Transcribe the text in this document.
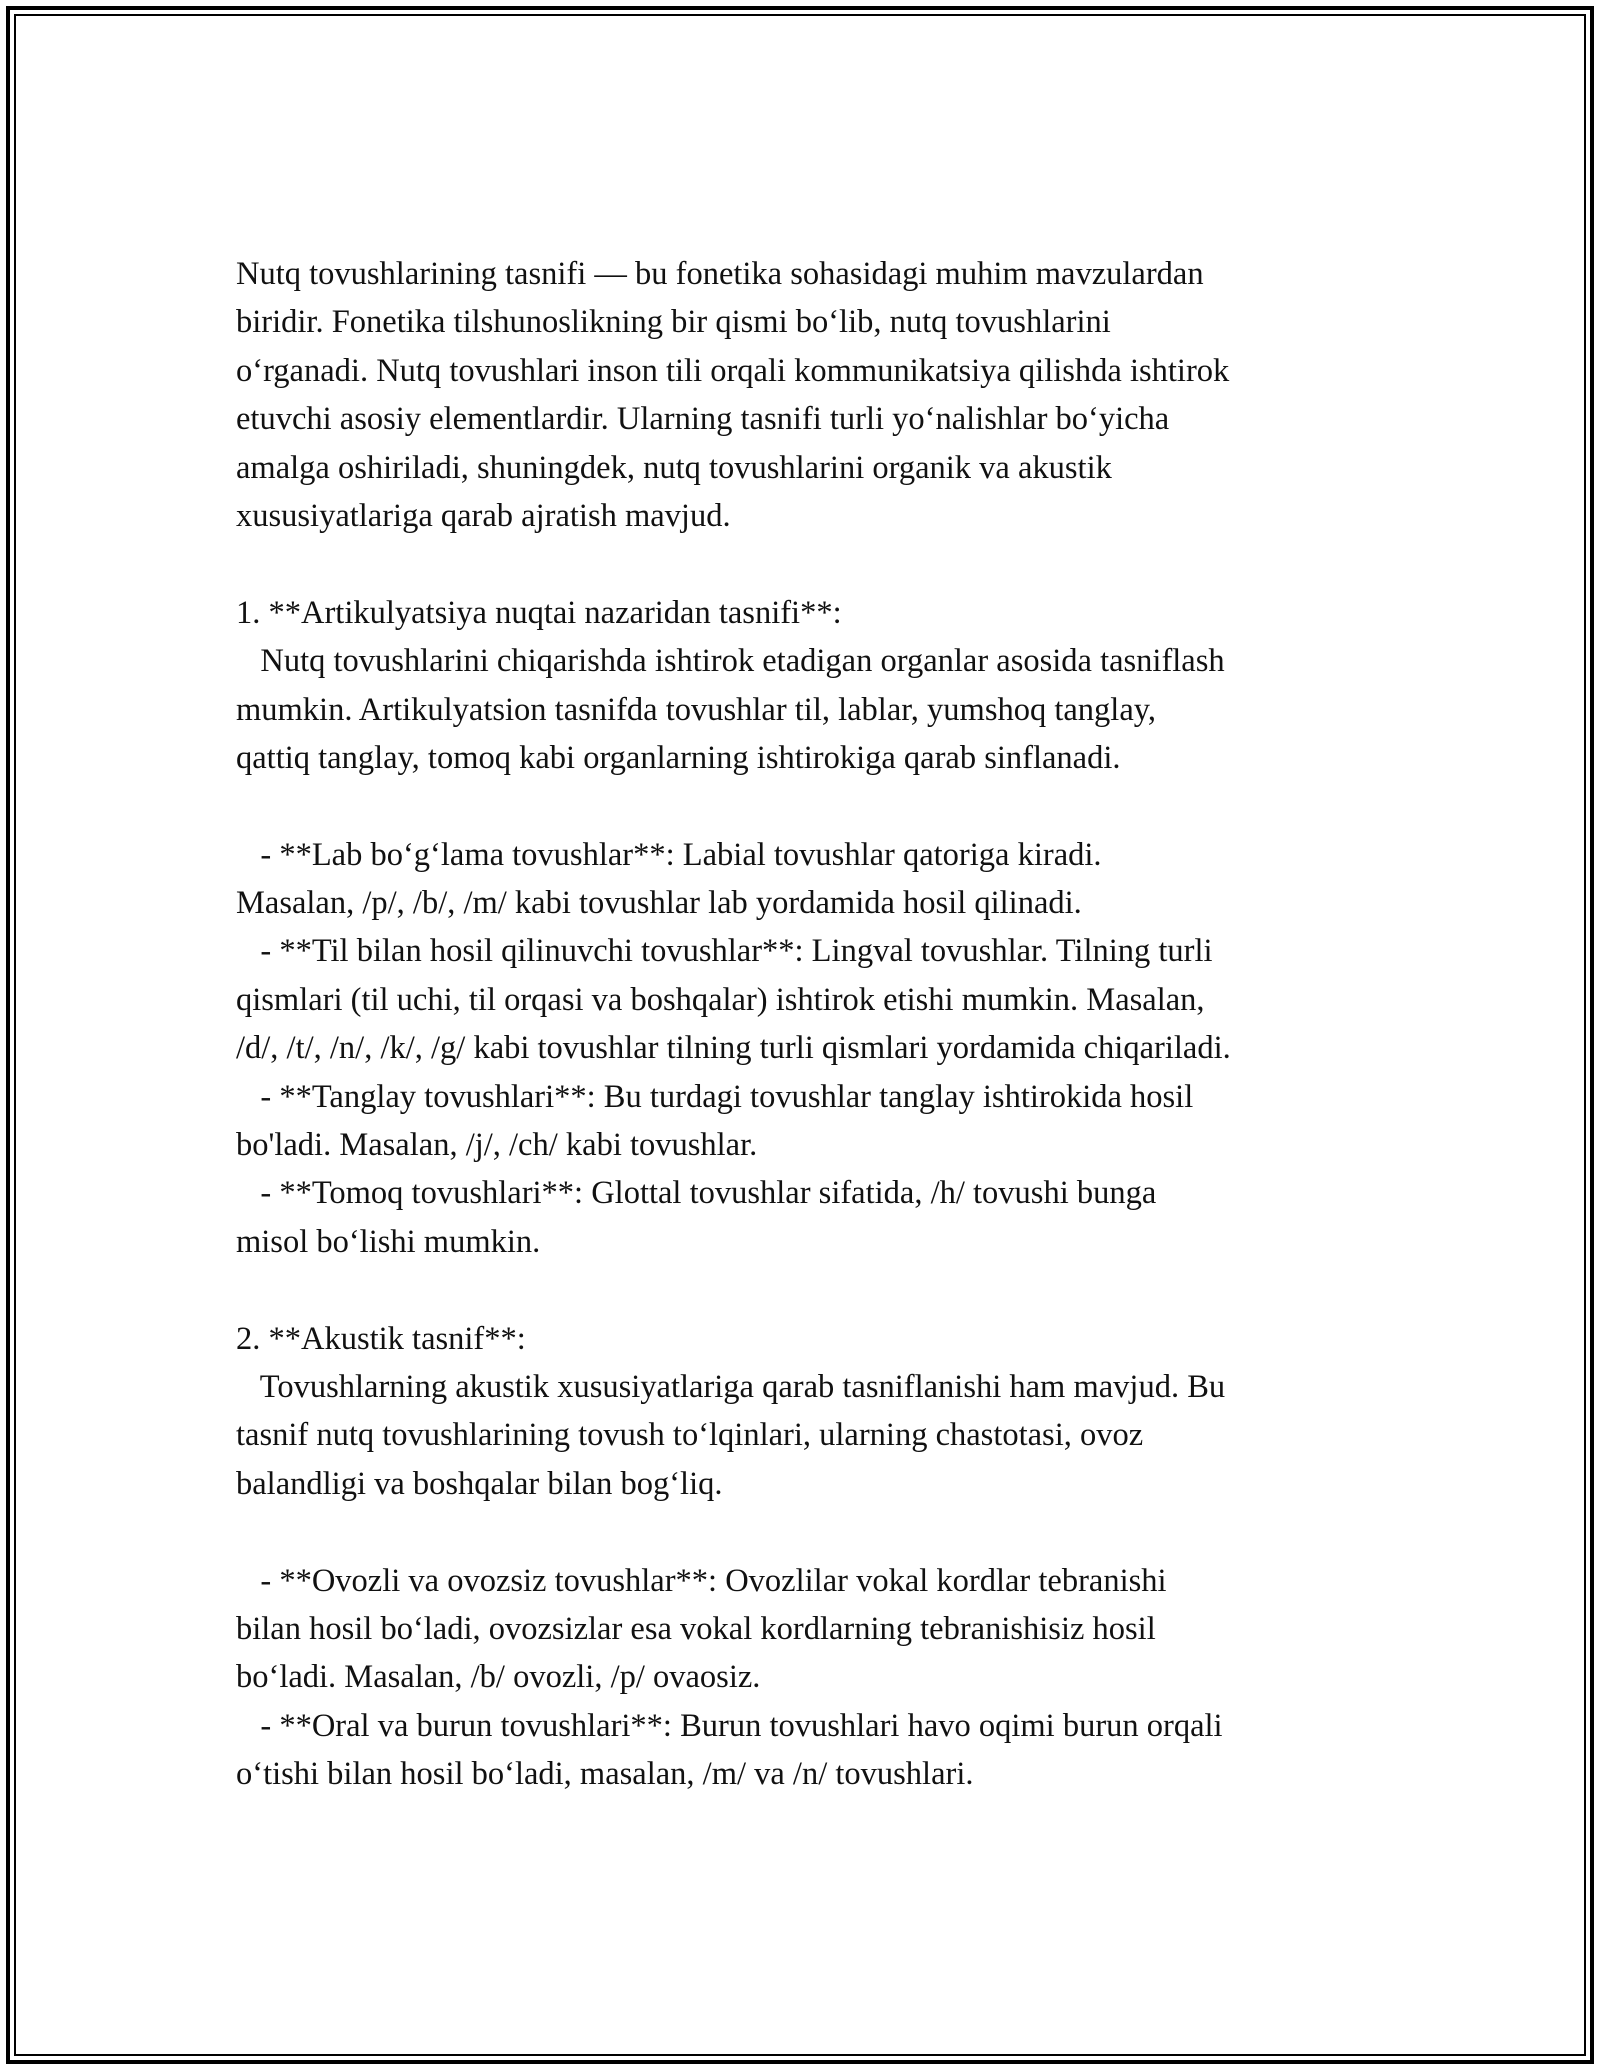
Nutq tovushlarining tasnifi — bu fonetika sohasidagi muhim mavzulardan
biridir. Fonetika tilshunoslikning bir qismi bo‘lib, nutq tovushlarini
o‘rganadi. Nutq tovushlari inson tili orqali kommunikatsiya qilishda ishtirok
etuvchi asosiy elementlardir. Ularning tasnifi turli yo‘nalishlar bo‘yicha
amalga oshiriladi, shuningdek, nutq tovushlarini organik va akustik
xususiyatlariga qarab ajratish mavjud.
1. **Artikulyatsiya nuqtai nazaridan tasnifi**:
Nutq tovushlarini chiqarishda ishtirok etadigan organlar asosida tasniflash
mumkin. Artikulyatsion tasnifda tovushlar til, lablar, yumshoq tanglay,
qattiq tanglay, tomoq kabi organlarning ishtirokiga qarab sinflanadi.
- **Lab bo‘g‘lama tovushlar**: Labial tovushlar qatoriga kiradi.
Masalan, /p/, /b/, /m/ kabi tovushlar lab yordamida hosil qilinadi.
- **Til bilan hosil qilinuvchi tovushlar**: Lingval tovushlar. Tilning turli
qismlari (til uchi, til orqasi va boshqalar) ishtirok etishi mumkin. Masalan,
/d/, /t/, /n/, /k/, /g/ kabi tovushlar tilning turli qismlari yordamida chiqariladi.
- **Tanglay tovushlari**: Bu turdagi tovushlar tanglay ishtirokida hosil
bo'ladi. Masalan, /j/, /ch/ kabi tovushlar.
- **Tomoq tovushlari**: Glottal tovushlar sifatida, /h/ tovushi bunga
misol bo‘lishi mumkin.
2. **Akustik tasnif**:
Tovushlarning akustik xususiyatlariga qarab tasniflanishi ham mavjud. Bu
tasnif nutq tovushlarining tovush to‘lqinlari, ularning chastotasi, ovoz
balandligi va boshqalar bilan bog‘liq.
- **Ovozli va ovozsiz tovushlar**: Ovozlilar vokal kordlar tebranishi
bilan hosil bo‘ladi, ovozsizlar esa vokal kordlarning tebranishisiz hosil
bo‘ladi. Masalan, /b/ ovozli, /p/ ovaosiz.
- **Oral va burun tovushlari**: Burun tovushlari havo oqimi burun orqali
o‘tishi bilan hosil bo‘ladi, masalan, /m/ va /n/ tovushlari.
